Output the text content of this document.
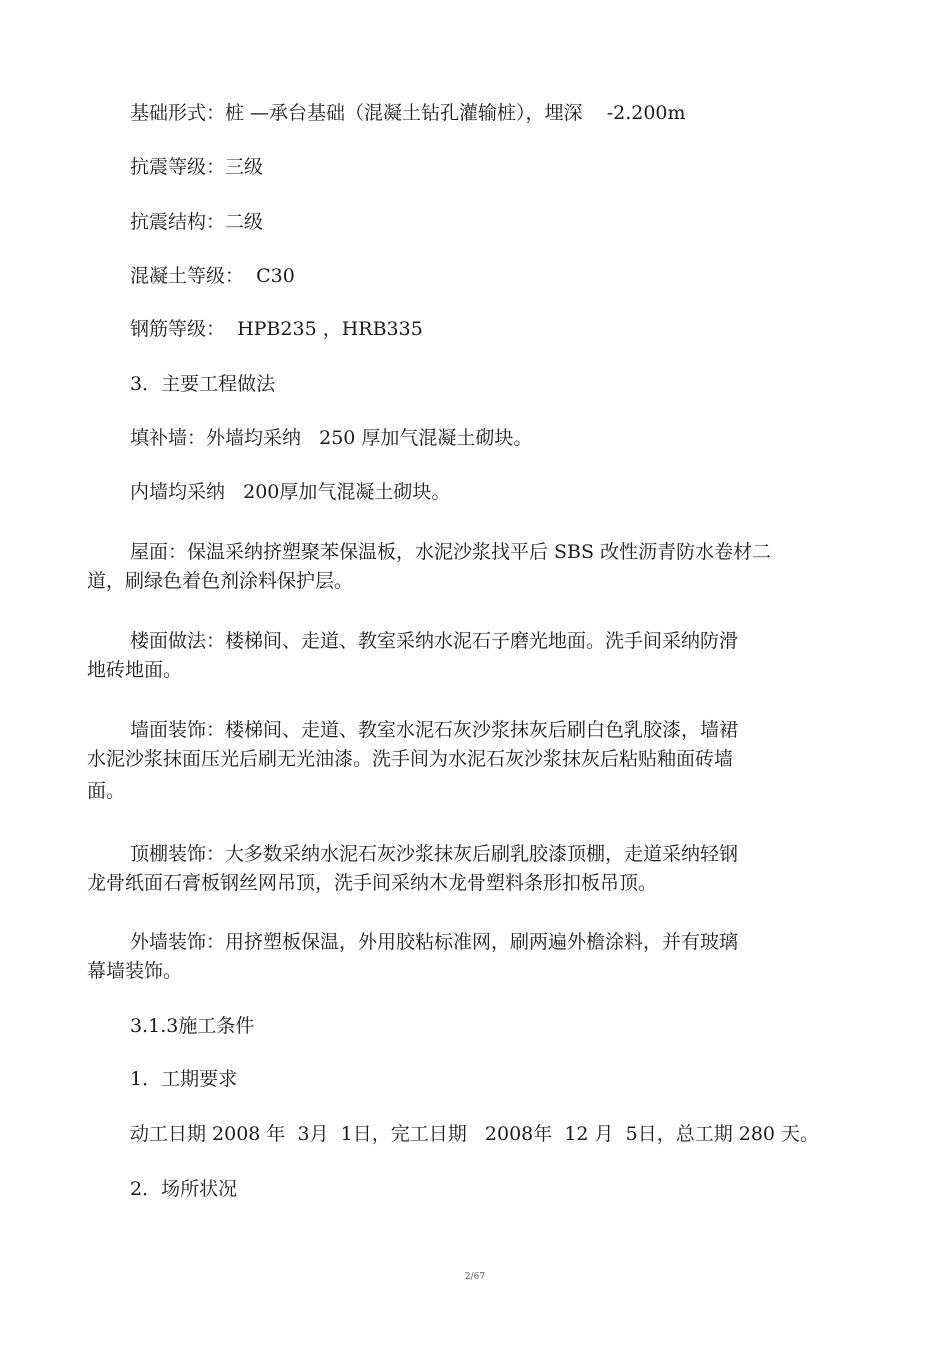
基础形式：桩 —承台基础（混凝土钻孔灌输桩），埋深    -2.200m

抗震等级：三级

抗震结构：二级

混凝土等级：  C30

钢筋等级：  HPB235 ，HRB335

3．主要工程做法

填补墙：外墙均采纳   250 厚加气混凝土砌块。

内墙均采纳   200厚加气混凝土砌块。

屋面：保温采纳挤塑聚苯保温板，水泥沙浆找平后 SBS 改性沥青防水卷材二

道，刷绿色着色剂涂料保护层。

楼面做法：楼梯间、走道、教室采纳水泥石子磨光地面。洗手间采纳防滑

地砖地面。

墙面装饰：楼梯间、走道、教室水泥石灰沙浆抹灰后刷白色乳胶漆，墙裙

水泥沙浆抹面压光后刷无光油漆。洗手间为水泥石灰沙浆抹灰后粘贴釉面砖墙

面。

顶棚装饰：大多数采纳水泥石灰沙浆抹灰后刷乳胶漆顶棚，走道采纳轻钢

龙骨纸面石膏板钢丝网吊顶，洗手间采纳木龙骨塑料条形扣板吊顶。

外墙装饰：用挤塑板保温，外用胶粘标准网，刷两遍外檐涂料，并有玻璃

幕墙装饰。

3.1.3施工条件

1．工期要求

动工日期 2008 年  3月  1日，完工日期   2008年  12 月  5日，总工期 280 天。

2．场所状况

2/67
